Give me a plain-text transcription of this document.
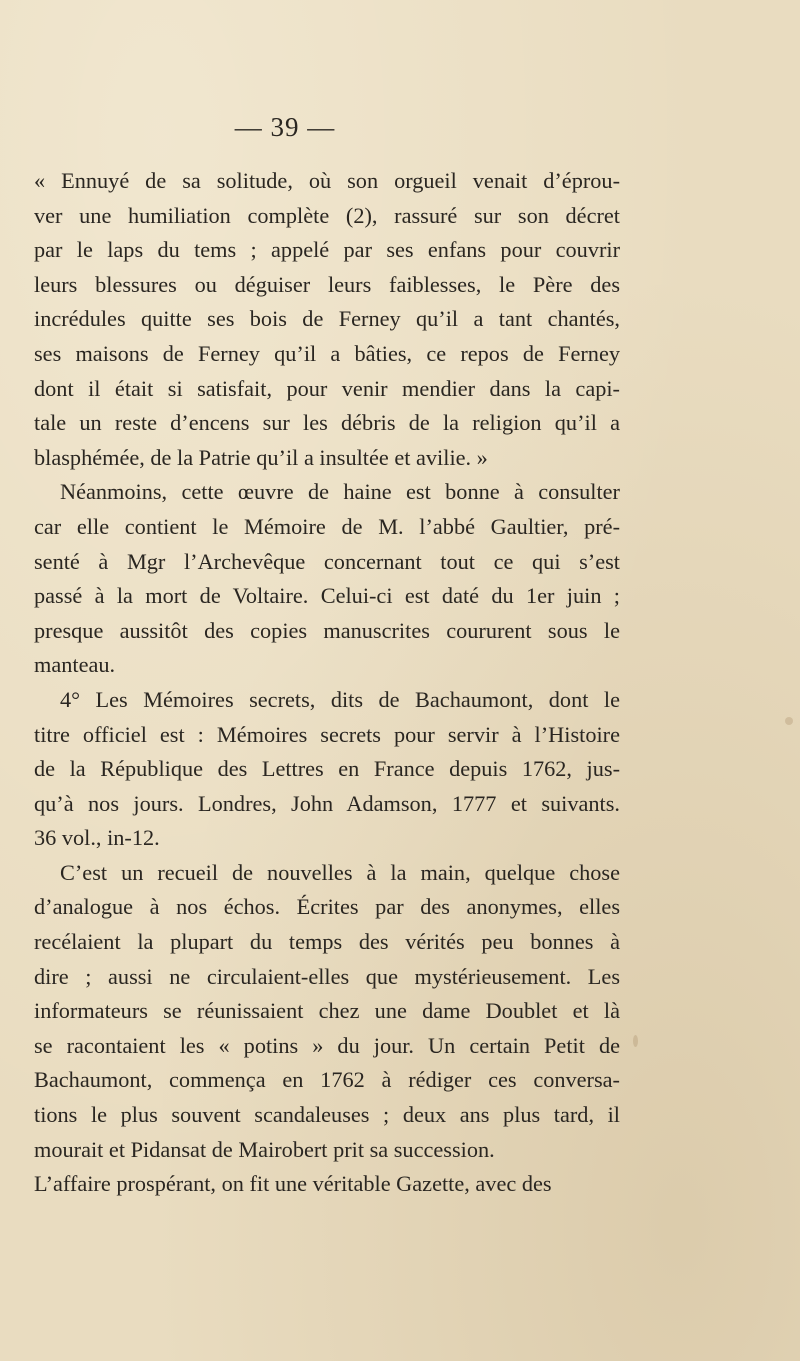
— 39 —
« Ennuyé de sa solitude, où son orgueil venait d’éprou-
ver une humiliation complète (2), rassuré sur son décret
par le laps du tems ; appelé par ses enfans pour couvrir
leurs blessures ou déguiser leurs faiblesses, le Père des
incrédules quitte ses bois de Ferney qu’il a tant chantés,
ses maisons de Ferney qu’il a bâties, ce repos de Ferney
dont il était si satisfait, pour venir mendier dans la capi-
tale un reste d’encens sur les débris de la religion qu’il a
blasphémée, de la Patrie qu’il a insultée et avilie. »
Néanmoins, cette œuvre de haine est bonne à consulter
car elle contient le Mémoire de M. l’abbé Gaultier, pré-
senté à Mgr l’Archevêque concernant tout ce qui s’est
passé à la mort de Voltaire. Celui-ci est daté du 1er juin ;
presque aussitôt des copies manuscrites coururent sous le
manteau.
4° Les Mémoires secrets, dits de Bachaumont, dont le
titre officiel est : Mémoires secrets pour servir à l’Histoire
de la République des Lettres en France depuis 1762, jus-
qu’à nos jours. Londres, John Adamson, 1777 et suivants.
36 vol., in-12.
C’est un recueil de nouvelles à la main, quelque chose
d’analogue à nos échos. Écrites par des anonymes, elles
recélaient la plupart du temps des vérités peu bonnes à
dire ; aussi ne circulaient-elles que mystérieusement. Les
informateurs se réunissaient chez une dame Doublet et là
se racontaient les « potins » du jour. Un certain Petit de
Bachaumont, commença en 1762 à rédiger ces conversa-
tions le plus souvent scandaleuses ; deux ans plus tard, il
mourait et Pidansat de Mairobert prit sa succession.
L’affaire prospérant, on fit une véritable Gazette, avec des
